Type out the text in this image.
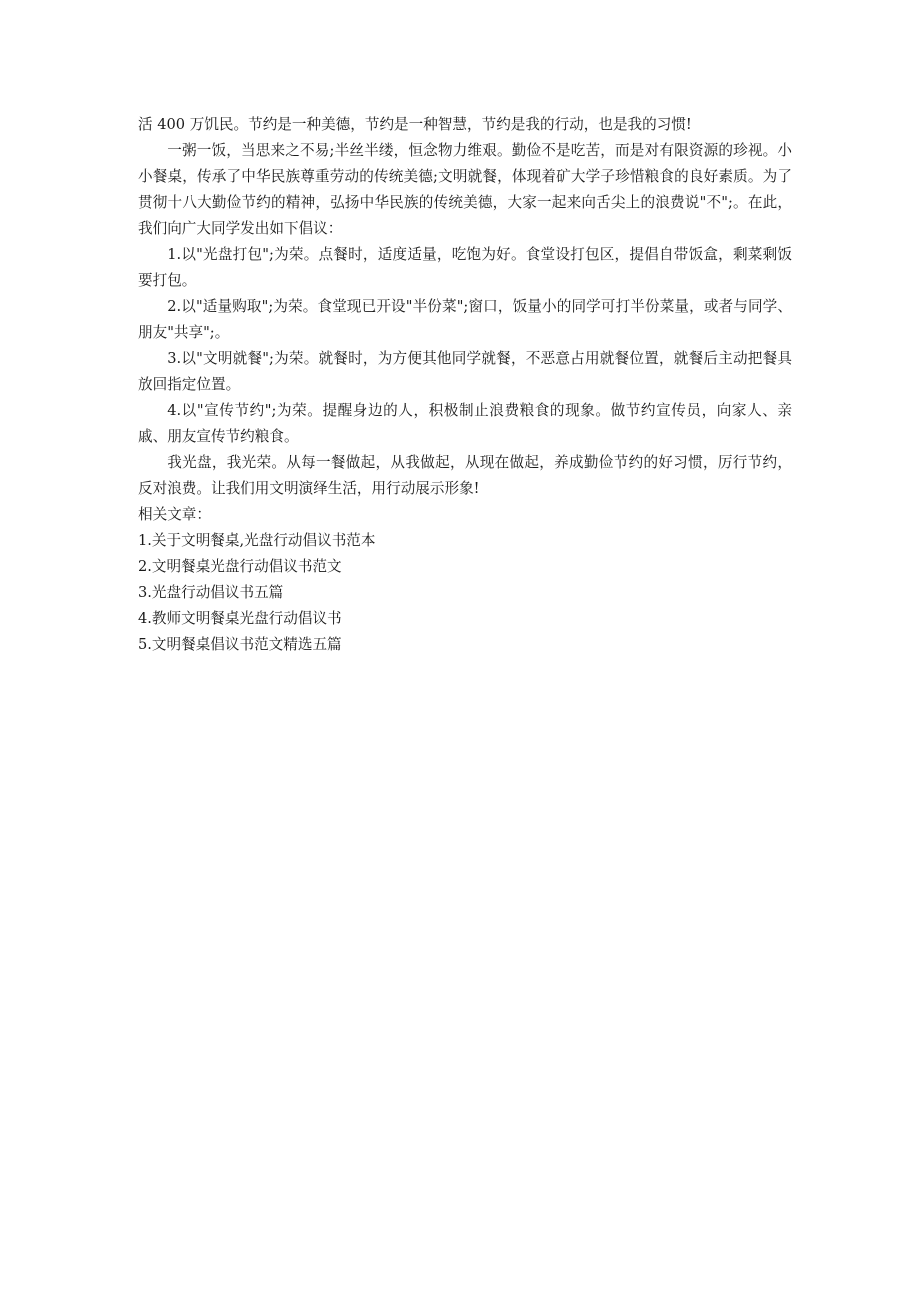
活 400 万饥民。节约是一种美德，节约是一种智慧，节约是我的行动，也是我的习惯!

一粥一饭，当思来之不易;半丝半缕，恒念物力维艰。勤俭不是吃苦，而是对有限资源的珍视。小小餐桌，传承了中华民族尊重劳动的传统美德;文明就餐，体现着矿大学子珍惜粮食的良好素质。为了贯彻十八大勤俭节约的精神，弘扬中华民族的传统美德，大家一起来向舌尖上的浪费说"不";。在此，我们向广大同学发出如下倡议：

1.以"光盘打包";为荣。点餐时，适度适量，吃饱为好。食堂设打包区，提倡自带饭盒，剩菜剩饭要打包。

2.以"适量购取";为荣。食堂现已开设"半份菜";窗口，饭量小的同学可打半份菜量，或者与同学、朋友"共享";。

3.以"文明就餐";为荣。就餐时，为方便其他同学就餐，不恶意占用就餐位置，就餐后主动把餐具放回指定位置。

4.以"宣传节约";为荣。提醒身边的人，积极制止浪费粮食的现象。做节约宣传员，向家人、亲戚、朋友宣传节约粮食。

我光盘，我光荣。从每一餐做起，从我做起，从现在做起，养成勤俭节约的好习惯，厉行节约，反对浪费。让我们用文明演绎生活，用行动展示形象!

相关文章：

1.关于文明餐桌,光盘行动倡议书范本
2.文明餐桌光盘行动倡议书范文
3.光盘行动倡议书五篇
4.教师文明餐桌光盘行动倡议书
5.文明餐桌倡议书范文精选五篇
